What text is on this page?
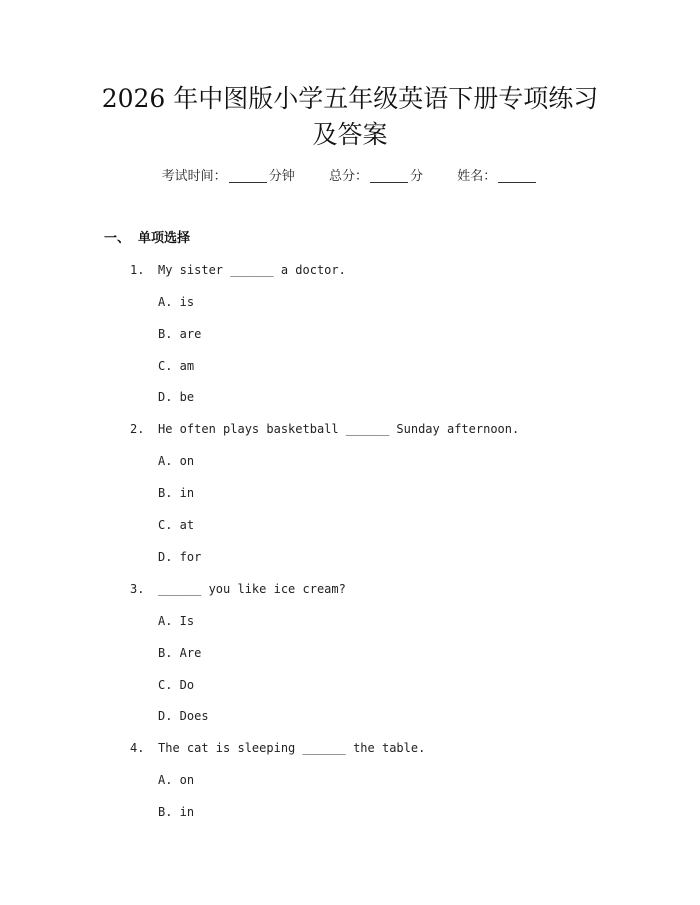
2026 年中图版小学五年级英语下册专项练习
及答案
考试时间：	分钟	总分：	分	姓名：
一、 单项选择
1. My sister ______ a doctor.
A. is
B. are
C. am
D. be
2. He often plays basketball ______ Sunday afternoon.
A. on
B. in
C. at
D. for
3. ______ you like ice cream?
A. Is
B. Are
C. Do
D. Does
4. The cat is sleeping ______ the table.
A. on
B. in
